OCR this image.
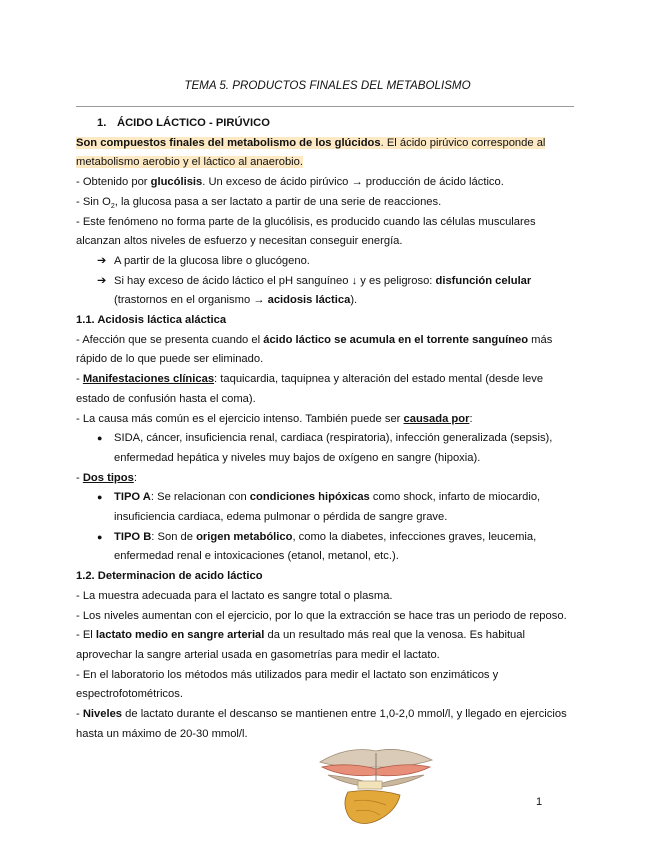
TEMA 5. PRODUCTOS FINALES DEL METABOLISMO

1. ÁCIDO LÁCTICO - PIRÚVICO

Son compuestos finales del metabolismo de los glúcidos. El ácido pirúvico corresponde al metabolismo aerobio y el láctico al anaerobio.

- Obtenido por glucólisis. Un exceso de ácido pirúvico → producción de ácido láctico.

- Sin $O_2$, la glucosa pasa a ser lactato a partir de una serie de reacciones.

- Este fenómeno no forma parte de la glucólisis, es producido cuando las células musculares alcanzan altos niveles de esfuerzo y necesitan conseguir energía.

➔ A partir de la glucosa libre o glucógeno.

➔ Si hay exceso de ácido láctico el pH sanguíneo ↓ y es peligroso: disfunción celular (trastornos en el organismo → acidosis láctica).

1.1. Acidosis láctica aláctica

- Afección que se presenta cuando el ácido láctico se acumula en el torrente sanguíneo más rápido de lo que puede ser eliminado.

- Manifestaciones clínicas: taquicardia, taquipnea y alteración del estado mental (desde leve estado de confusión hasta el coma).

- La causa más común es el ejercicio intenso. También puede ser causada por:

● SIDA, cáncer, insuficiencia renal, cardiaca (respiratoria), infección generalizada (sepsis), enfermedad hepática y niveles muy bajos de oxígeno en sangre (hipoxia).

- Dos tipos:

● TIPO A: Se relacionan con condiciones hipóxicas como shock, infarto de miocardio, insuficiencia cardiaca, edema pulmonar o pérdida de sangre grave.

● TIPO B: Son de origen metabólico, como la diabetes, infecciones graves, leucemia, enfermedad renal e intoxicaciones (etanol, metanol, etc.).

1.2. Determinacion de acido láctico

- La muestra adecuada para el lactato es sangre total o plasma.

- Los niveles aumentan con el ejercicio, por lo que la extracción se hace tras un periodo de reposo.

- El lactato medio en sangre arterial da un resultado más real que la venosa. Es habitual aprovechar la sangre arterial usada en gasometrías para medir el lactato.

- En el laboratorio los métodos más utilizados para medir el lactato son enzimáticos y espectrofotométricos.

- Niveles de lactato durante el descanso se mantienen entre 1,0-2,0 mmol/l, y llegado en ejercicios hasta un máximo de 20-30 mmol/l.

1
